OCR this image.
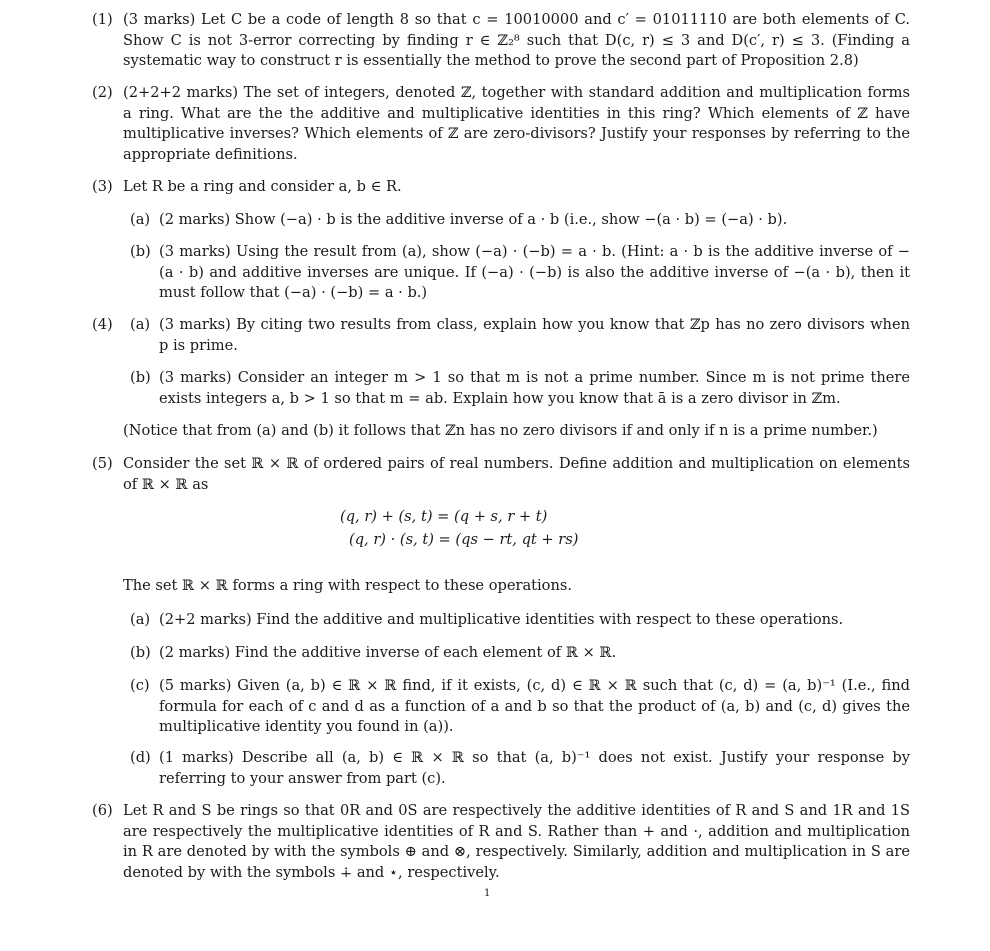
(1) (3 marks) Let C be a code of length 8 so that c = 10010000 and c′ = 01011110 are both elements of C. Show C is not 3-error correcting by finding r ∈ ℤ₂⁸ such that D(c, r) ≤ 3 and D(c′, r) ≤ 3. (Finding a systematic way to construct r is essentially the method to prove the second part of Proposition 2.8)
(2) (2+2+2 marks) The set of integers, denoted ℤ, together with standard addition and multiplication forms a ring. What are the the additive and multiplicative identities in this ring? Which elements of ℤ have multiplicative inverses? Which elements of ℤ are zero-divisors? Justify your responses by referring to the appropriate definitions.
(3) Let R be a ring and consider a, b ∈ R.
(a) (2 marks) Show (−a) · b is the additive inverse of a · b (i.e., show −(a · b) = (−a) · b).
(b) (3 marks) Using the result from (a), show (−a) · (−b) = a · b. (Hint: a · b is the additive inverse of −(a · b) and additive inverses are unique. If (−a) · (−b) is also the additive inverse of −(a · b), then it must follow that (−a) · (−b) = a · b.)
(4) (a) (3 marks) By citing two results from class, explain how you know that ℤp has no zero divisors when p is prime.
(b) (3 marks) Consider an integer m > 1 so that m is not a prime number. Since m is not prime there exists integers a, b > 1 so that m = ab. Explain how you know that ā is a zero divisor in ℤm.
(Notice that from (a) and (b) it follows that ℤn has no zero divisors if and only if n is a prime number.)
(5) Consider the set ℝ × ℝ of ordered pairs of real numbers. Define addition and multiplication on elements of ℝ × ℝ as
(q, r) + (s, t) = (q + s, r + t)
(q, r) · (s, t) = (qs − rt, qt + rs)
The set ℝ × ℝ forms a ring with respect to these operations.
(a) (2+2 marks) Find the additive and multiplicative identities with respect to these operations.
(b) (2 marks) Find the additive inverse of each element of ℝ × ℝ.
(c) (5 marks) Given (a, b) ∈ ℝ × ℝ find, if it exists, (c, d) ∈ ℝ × ℝ such that (c, d) = (a, b)⁻¹ (I.e., find formula for each of c and d as a function of a and b so that the product of (a, b) and (c, d) gives the multiplicative identity you found in (a)).
(d) (1 marks) Describe all (a, b) ∈ ℝ × ℝ so that (a, b)⁻¹ does not exist. Justify your response by referring to your answer from part (c).
(6) Let R and S be rings so that 0R and 0S are respectively the additive identities of R and S and 1R and 1S are respectively the multiplicative identities of R and S. Rather than + and ·, addition and multiplication in R are denoted by with the symbols ⊕ and ⊗, respectively. Similarly, addition and multiplication in S are denoted by with the symbols ∔ and ⋆, respectively.
1
